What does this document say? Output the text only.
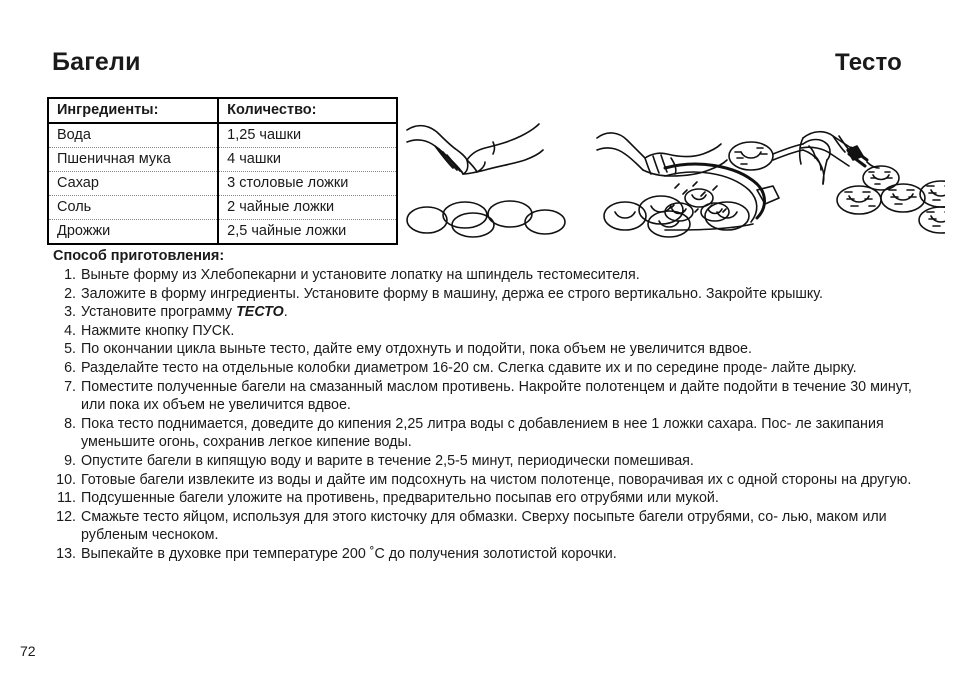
Багели	Тесто
Ингредиенты:	Количество:
Вода	1,25 чашки
Пшеничная мука	4 чашки
Сахар	3 столовые ложки
Соль	2 чайные ложки
Дрожжи	2,5 чайные ложки
Способ приготовления:
1. Выньте форму из Хлебопекарни и установите лопатку на шпиндель тестомесителя.
2. Заложите в форму ингредиенты. Установите форму в машину, держа ее строго вертикально. Закройте крышку.
3. Установите программу ТЕСТО.
4. Нажмите кнопку ПУСК.
5. По окончании цикла выньте тесто, дайте ему отдохнуть и подойти, пока объем не увеличится вдвое.
6. Разделайте тесто на отдельные колобки диаметром 16-20 см. Слегка сдавите их и по середине проде- лайте дырку.
7. Поместите полученные багели на смазанный маслом противень. Накройте полотенцем и дайте подойти в течение 30 минут, или пока их объем не увеличится вдвое.
8. Пока тесто поднимается, доведите до кипения 2,25 литра воды с добавлением в нее 1 ложки сахара. Пос- ле закипания уменьшите огонь, сохранив легкое кипение воды.
9. Опустите багели в кипящую воду и варите в течение 2,5-5 минут, периодически помешивая.
10. Готовые багели извлеките из воды и дайте им подсохнуть на чистом полотенце, поворачивая их с одной стороны на другую.
11. Подсушенные багели уложите на противень, предварительно посыпав его отрубями или мукой.
12. Смажьте тесто яйцом, используя для этого кисточку для обмазки. Сверху посыпьте багели отрубями, со- лью, маком или рубленым чесноком.
13. Выпекайте в духовке при температуре 200 ˚C до получения золотистой корочки.
72
